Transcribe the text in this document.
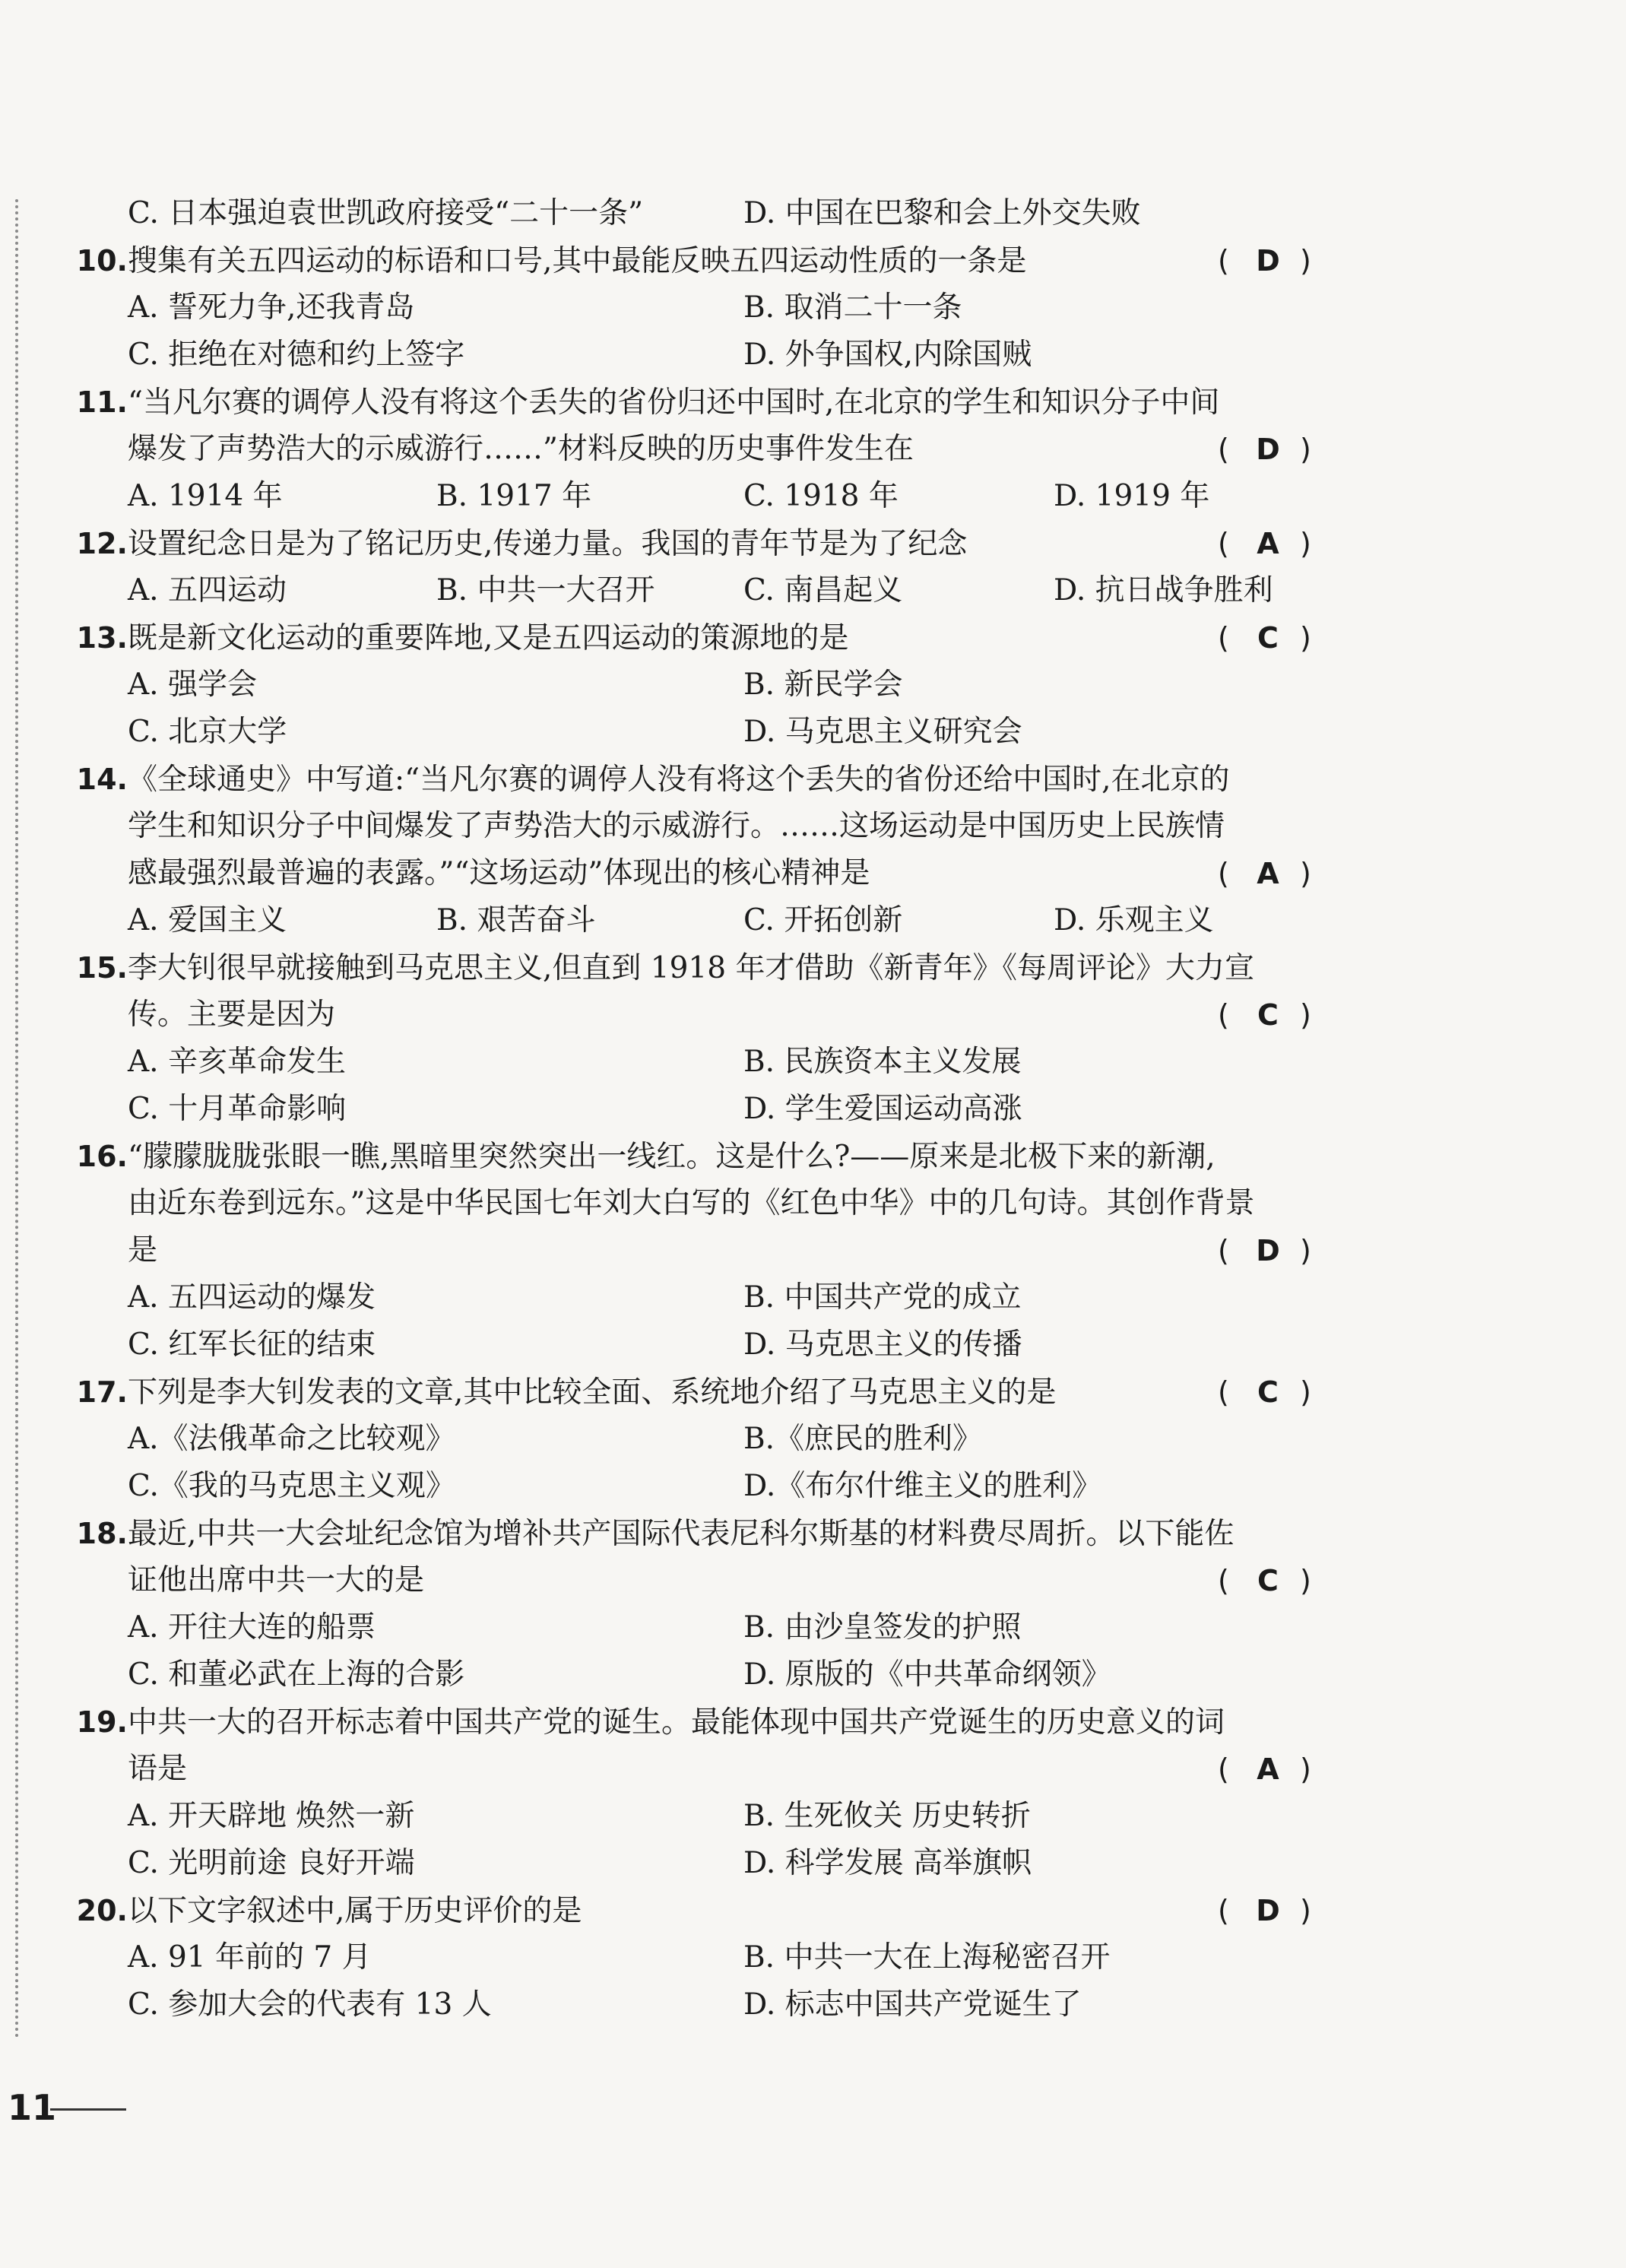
C. 日本强迫袁世凯政府接受“二十一条”	D. 中国在巴黎和会上外交失败
10.搜集有关五四运动的标语和口号,其中最能反映五四运动性质的一条是	( D )
A. 誓死力争,还我青岛	B. 取消二十一条
C. 拒绝在对德和约上签字	D. 外争国权,内除国贼
11.“当凡尔赛的调停人没有将这个丢失的省份归还中国时,在北京的学生和知识分子中间
爆发了声势浩大的示威游行……”材料反映的历史事件发生在	( D )
A. 1914 年	B. 1917 年	C. 1918 年	D. 1919 年
12.设置纪念日是为了铭记历史,传递力量。我国的青年节是为了纪念	( A )
A. 五四运动	B. 中共一大召开	C. 南昌起义	D. 抗日战争胜利
13.既是新文化运动的重要阵地,又是五四运动的策源地的是	( C )
A. 强学会	B. 新民学会
C. 北京大学	D. 马克思主义研究会
14.《全球通史》中写道:“当凡尔赛的调停人没有将这个丢失的省份还给中国时,在北京的
学生和知识分子中间爆发了声势浩大的示威游行。……这场运动是中国历史上民族情
感最强烈最普遍的表露。”“这场运动”体现出的核心精神是	( A )
A. 爱国主义	B. 艰苦奋斗	C. 开拓创新	D. 乐观主义
15.李大钊很早就接触到马克思主义,但直到 1918 年才借助《新青年》《每周评论》大力宣
传。主要是因为	( C )
A. 辛亥革命发生	B. 民族资本主义发展
C. 十月革命影响	D. 学生爱国运动高涨
16.“朦朦胧胧张眼一瞧,黑暗里突然突出一线红。这是什么?——原来是北极下来的新潮,
由近东卷到远东。”这是中华民国七年刘大白写的《红色中华》中的几句诗。其创作背景
是	( D )
A. 五四运动的爆发	B. 中国共产党的成立
C. 红军长征的结束	D. 马克思主义的传播
17.下列是李大钊发表的文章,其中比较全面、系统地介绍了马克思主义的是	( C )
A.《法俄革命之比较观》	B.《庶民的胜利》
C.《我的马克思主义观》	D.《布尔什维主义的胜利》
18.最近,中共一大会址纪念馆为增补共产国际代表尼科尔斯基的材料费尽周折。以下能佐
证他出席中共一大的是	( C )
A. 开往大连的船票	B. 由沙皇签发的护照
C. 和董必武在上海的合影	D. 原版的《中共革命纲领》
19.中共一大的召开标志着中国共产党的诞生。最能体现中国共产党诞生的历史意义的词
语是	( A )
A. 开天辟地 焕然一新	B. 生死攸关 历史转折
C. 光明前途 良好开端	D. 科学发展 高举旗帜
20.以下文字叙述中,属于历史评价的是	( D )
A. 91 年前的 7 月	B. 中共一大在上海秘密召开
C. 参加大会的代表有 13 人	D. 标志中国共产党诞生了
11
